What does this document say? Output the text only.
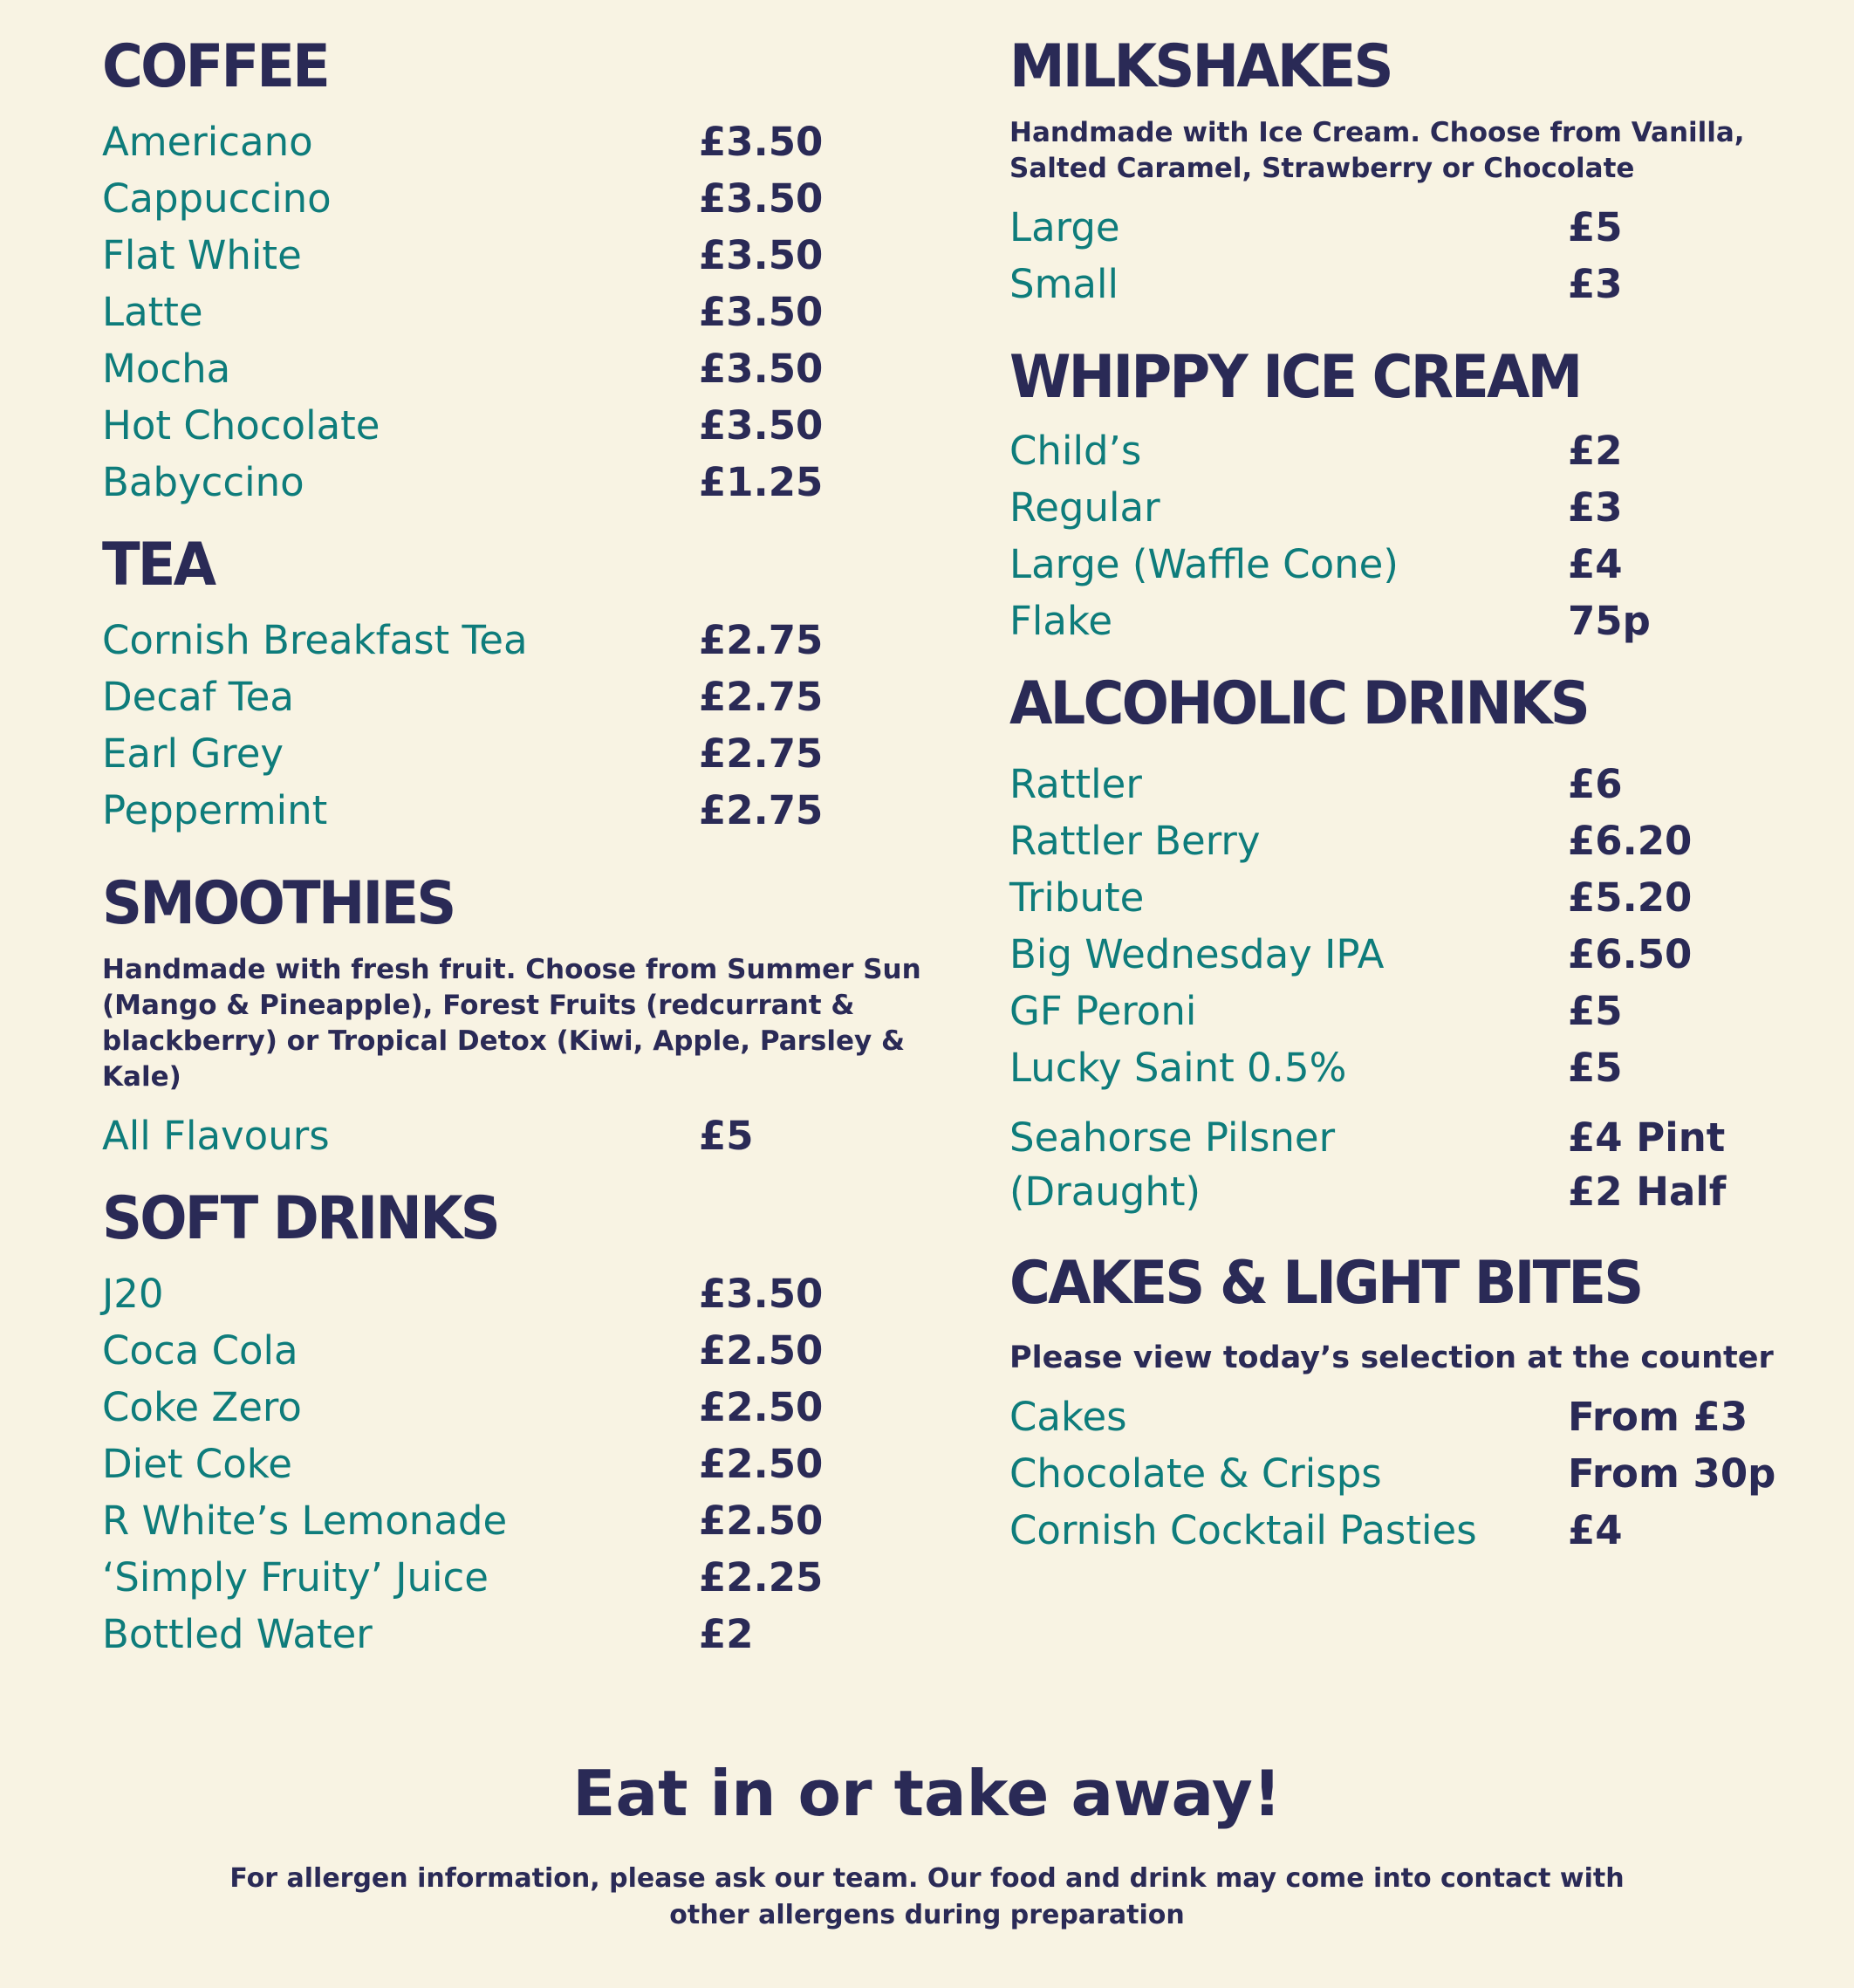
COFFEE
Americano	£3.50
Cappuccino	£3.50
Flat White	£3.50
Latte	£3.50
Mocha	£3.50
Hot Chocolate	£3.50
Babyccino	£1.25
TEA
Cornish Breakfast Tea	£2.75
Decaf Tea	£2.75
Earl Grey	£2.75
Peppermint	£2.75
SMOOTHIES

Handmade with fresh fruit. Choose from Summer Sun (Mango & Pineapple), Forest Fruits (redcurrant & blackberry) or Tropical Detox (Kiwi, Apple, Parsley & Kale)

All Flavours	£5
SOFT DRINKS
J20	£3.50
Coca Cola	£2.50
Coke Zero	£2.50
Diet Coke	£2.50
R White’s Lemonade	£2.50
‘Simply Fruity’ Juice	£2.25
Bottled Water	£2
MILKSHAKES

Handmade with Ice Cream. Choose from Vanilla, Salted Caramel, Strawberry or Chocolate

Large	£5
Small	£3
WHIPPY ICE CREAM
Child’s	£2
Regular	£3
Large (Waffle Cone)	£4
Flake	75p
ALCOHOLIC DRINKS
Rattler	£6
Rattler Berry	£6.20
Tribute	£5.20
Big Wednesday IPA	£6.50
GF Peroni	£5
Lucky Saint 0.5%	£5
Seahorse Pilsner	£4 Pint
(Draught)	£2 Half
CAKES & LIGHT BITES

Please view today’s selection at the counter

Cakes	From £3
Chocolate & Crisps	From 30p
Cornish Cocktail Pasties	£4
Eat in or take away!

For allergen information, please ask our team. Our food and drink may come into contact with other allergens during preparation
